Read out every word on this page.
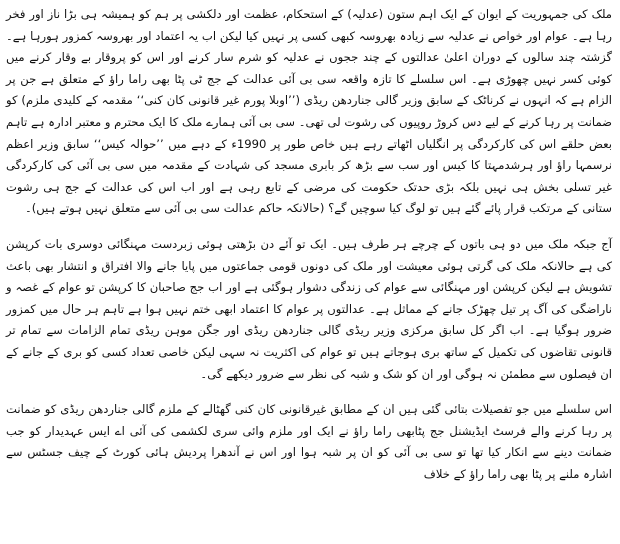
ملک کی جمہوریت کے ایوان کے ایک اہم ستون (عدلیہ) کے استحکام، عظمت اور دلکشی پر ہم کو ہمیشہ ہی بڑا ناز اور فخر رہا ہے۔ عوام اور خواص نے عدلیہ سے زیادہ بھروسہ کبھی کسی پر نہیں کیا لیکن اب یہ اعتماد اور بھروسہ کمزور ہورہا ہے۔ گزشتہ چند سالوں کے دوران اعلیٰ عدالتوں کے چند ججوں نے عدلیہ کو شرم سار کرنے اور اس کو پروقار بے وقار کرنے میں کوئی کسر نہیں چھوڑی ہے۔ اس سلسلے کا تازہ واقعہ سی بی آئی عدالت کے جج ٹی پٹا بھی راما راؤ کے متعلق ہے جن پر الزام ہے کہ انہوں نے کرناٹک کے سابق وزیر گالی جناردھن ریڈی (’’اوبلا پورم غیر قانونی کان کنی‘‘ مقدمہ کے کلیدی ملزم) کو ضمانت پر رہا کرنے کے لیے دس کروڑ روپیوں کی رشوت لی تھی۔ سی بی آئی ہمارے ملک کا ایک محترم و معتبر ادارہ ہے تاہم بعض حلقے اس کی کارکردگی پر انگلیاں اٹھاتے رہے ہیں خاص طور پر 1990ء کے دہے میں ’’حوالہ کیس‘‘ سابق وزیر اعظم نرسمہا راؤ اور ہرشدمہتا کا کیس اور سب سے بڑھ کر بابری مسجد کی شہادت کے مقدمہ میں سی بی آئی کی کارکردگی غیر تسلی بخش ہی نہیں بلکہ بڑی حدتک حکومت کی مرضی کے تابع رہی ہے اور اب اس کی عدالت کے جج ہی رشوت ستانی کے مرتکب قرار پائے گئے ہیں تو لوگ کیا سوچیں گے؟ (حالانکہ حاکم عدالت سی بی آئی سے متعلق نہیں ہوتے ہیں)۔

آج جبکہ ملک میں دو ہی باتوں کے چرچے ہر طرف ہیں۔ ایک تو آئے دن بڑھتی ہوئی زبردست مہنگائی دوسری بات کرپشن کی ہے حالانکہ ملک کی گرتی ہوئی معیشت اور ملک کی دونوں قومی جماعتوں میں پایا جانے والا افتراق و انتشار بھی باعث تشویش ہے لیکن کرپشن اور مہنگائی سے عوام کی زندگی دشوار ہوگئی ہے اور اب جج صاحبان کا کرپشن تو عوام کے غصہ و ناراضگی کی آگ پر تیل چھڑک جانے کے مماثل ہے۔ عدالتوں پر عوام کا اعتماد ابھی ختم نہیں ہوا ہے تاہم ہر حال میں کمزور ضرور ہوگیا ہے۔ اب اگر کل سابق مرکزی وزیر ریڈی گالی جناردھن ریڈی اور جگن موہن ریڈی تمام الزامات سے تمام تر قانونی تقاضوں کی تکمیل کے ساتھ بری ہوجاتے ہیں تو عوام کی اکثریت نہ سہی لیکن خاصی تعداد کسی کو بری کے جانے کے ان فیصلوں سے مطمئن نہ ہوگی اور ان کو شک و شبہ کی نظر سے ضرور دیکھے گی۔

اس سلسلے میں جو تفصیلات بتائی گئی ہیں ان کے مطابق غیرقانونی کان کنی گھٹالے کے ملزم گالی جناردھن ریڈی کو ضمانت پر رہا کرنے والے فرسٹ ایڈیشنل جج پٹابھی راما راؤ نے ایک اور ملزم وائی سری لکشمی کی آئی اے ایس عہدیدار کو جب ضمانت دینے سے انکار کیا تھا تو سی بی آئی کو ان پر شبہ ہوا اور اس نے آندھرا پردیش ہائی کورٹ کے چیف جسٹس سے اشارہ ملنے پر پٹا بھی راما راؤ کے خلاف
